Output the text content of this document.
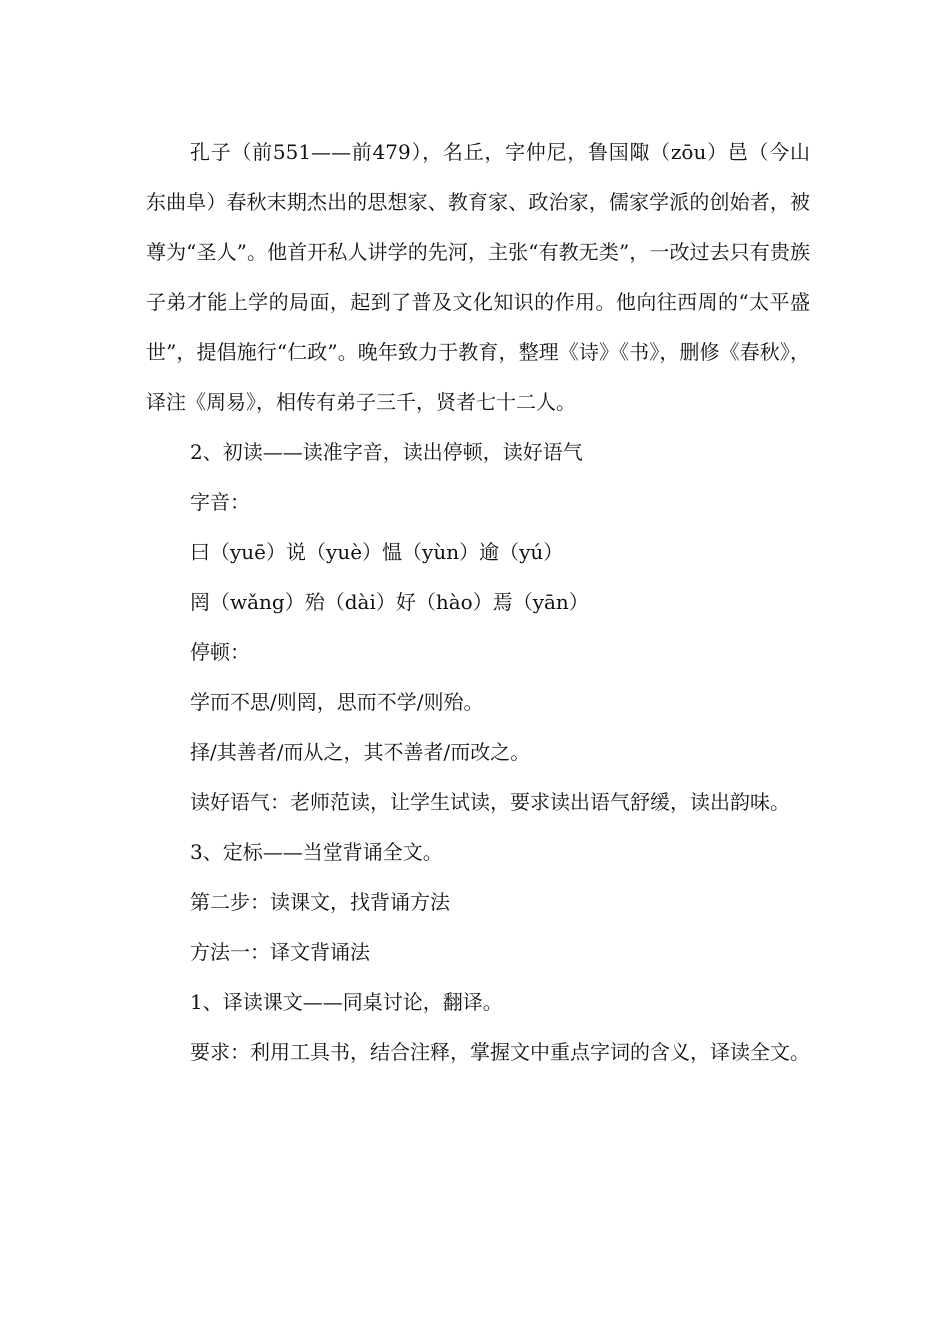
孔子（前551——前479），名丘，字仲尼，鲁国陬（zōu）邑（今山东曲阜）春秋末期杰出的思想家、教育家、政治家，儒家学派的创始者，被尊为“圣人”。他首开私人讲学的先河，主张“有教无类”，一改过去只有贵族子弟才能上学的局面，起到了普及文化知识的作用。他向往西周的“太平盛世”，提倡施行“仁政”。晚年致力于教育，整理《诗》《书》，删修《春秋》，译注《周易》，相传有弟子三千，贤者七十二人。

2、初读——读准字音，读出停顿，读好语气

字音：

曰（yuē）说（yuè）愠（yùn）逾（yú）

罔（wǎng）殆（dài）好（hào）焉（yān）

停顿：

学而不思/则罔，思而不学/则殆。

择/其善者/而从之，其不善者/而改之。

读好语气：老师范读，让学生试读，要求读出语气舒缓，读出韵味。

3、定标——当堂背诵全文。

第二步：读课文，找背诵方法

方法一：译文背诵法

1、译读课文——同桌讨论，翻译。

要求：利用工具书，结合注释，掌握文中重点字词的含义，译读全文。
